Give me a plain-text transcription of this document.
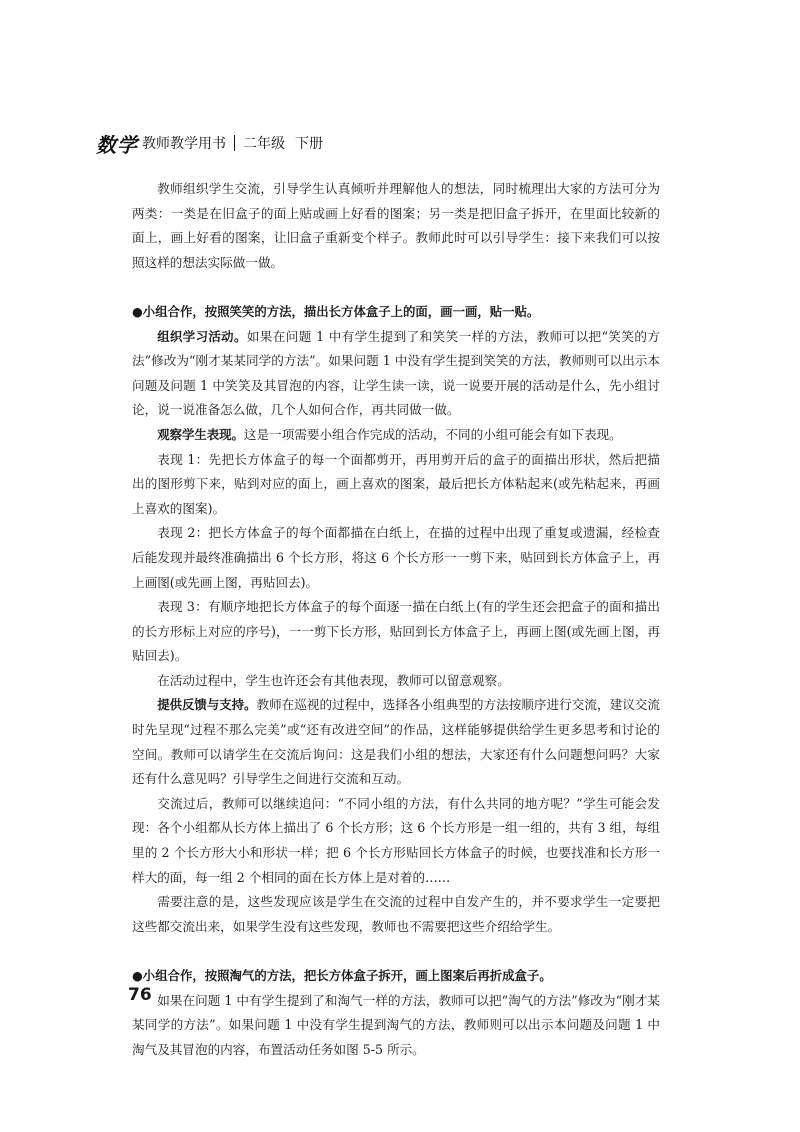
数学 教师教学用书 二年级 下册

教师组织学生交流，引导学生认真倾听并理解他人的想法，同时梳理出大家的方法可分为两类：一类是在旧盒子的面上贴或画上好看的图案；另一类是把旧盒子拆开，在里面比较新的面上，画上好看的图案，让旧盒子重新变个样子。教师此时可以引导学生：接下来我们可以按照这样的想法实际做一做。

●小组合作，按照笑笑的方法，描出长方体盒子上的面，画一画，贴一贴。

组织学习活动。如果在问题 1 中有学生提到了和笑笑一样的方法，教师可以把“笑笑的方法”修改为“刚才某某同学的方法”。如果问题 1 中没有学生提到笑笑的方法，教师则可以出示本问题及问题 1 中笑笑及其冒泡的内容，让学生读一读，说一说要开展的活动是什么，先小组讨论，说一说准备怎么做，几个人如何合作，再共同做一做。

观察学生表现。这是一项需要小组合作完成的活动，不同的小组可能会有如下表现。

表现 1：先把长方体盒子的每一个面都剪开，再用剪开后的盒子的面描出形状，然后把描出的图形剪下来，贴到对应的面上，画上喜欢的图案，最后把长方体粘起来(或先粘起来，再画上喜欢的图案)。

表现 2：把长方体盒子的每个面都描在白纸上，在描的过程中出现了重复或遗漏，经检查后能发现并最终准确描出 6 个长方形，将这 6 个长方形一一剪下来，贴回到长方体盒子上，再上画图(或先画上图，再贴回去)。

表现 3：有顺序地把长方体盒子的每个面逐一描在白纸上(有的学生还会把盒子的面和描出的长方形标上对应的序号)，一一剪下长方形，贴回到长方体盒子上，再画上图(或先画上图，再贴回去)。

在活动过程中，学生也许还会有其他表现，教师可以留意观察。

提供反馈与支持。教师在巡视的过程中，选择各小组典型的方法按顺序进行交流，建议交流时先呈现“过程不那么完美”或“还有改进空间”的作品，这样能够提供给学生更多思考和讨论的空间。教师可以请学生在交流后询问：这是我们小组的想法，大家还有什么问题想问吗？大家还有什么意见吗？引导学生之间进行交流和互动。

交流过后，教师可以继续追问：“不同小组的方法，有什么共同的地方呢？”学生可能会发现：各个小组都从长方体上描出了 6 个长方形；这 6 个长方形是一组一组的，共有 3 组，每组里的 2 个长方形大小和形状一样；把 6 个长方形贴回长方体盒子的时候，也要找准和长方形一样大的面，每一组 2 个相同的面在长方体上是对着的……

需要注意的是，这些发现应该是学生在交流的过程中自发产生的，并不要求学生一定要把这些都交流出来，如果学生没有这些发现，教师也不需要把这些介绍给学生。

●小组合作，按照淘气的方法，把长方体盒子拆开，画上图案后再折成盒子。

如果在问题 1 中有学生提到了和淘气一样的方法，教师可以把“淘气的方法”修改为“刚才某某同学的方法”。如果问题 1 中没有学生提到淘气的方法，教师则可以出示本问题及问题 1 中淘气及其冒泡的内容，布置活动任务如图 5-5 所示。

76
